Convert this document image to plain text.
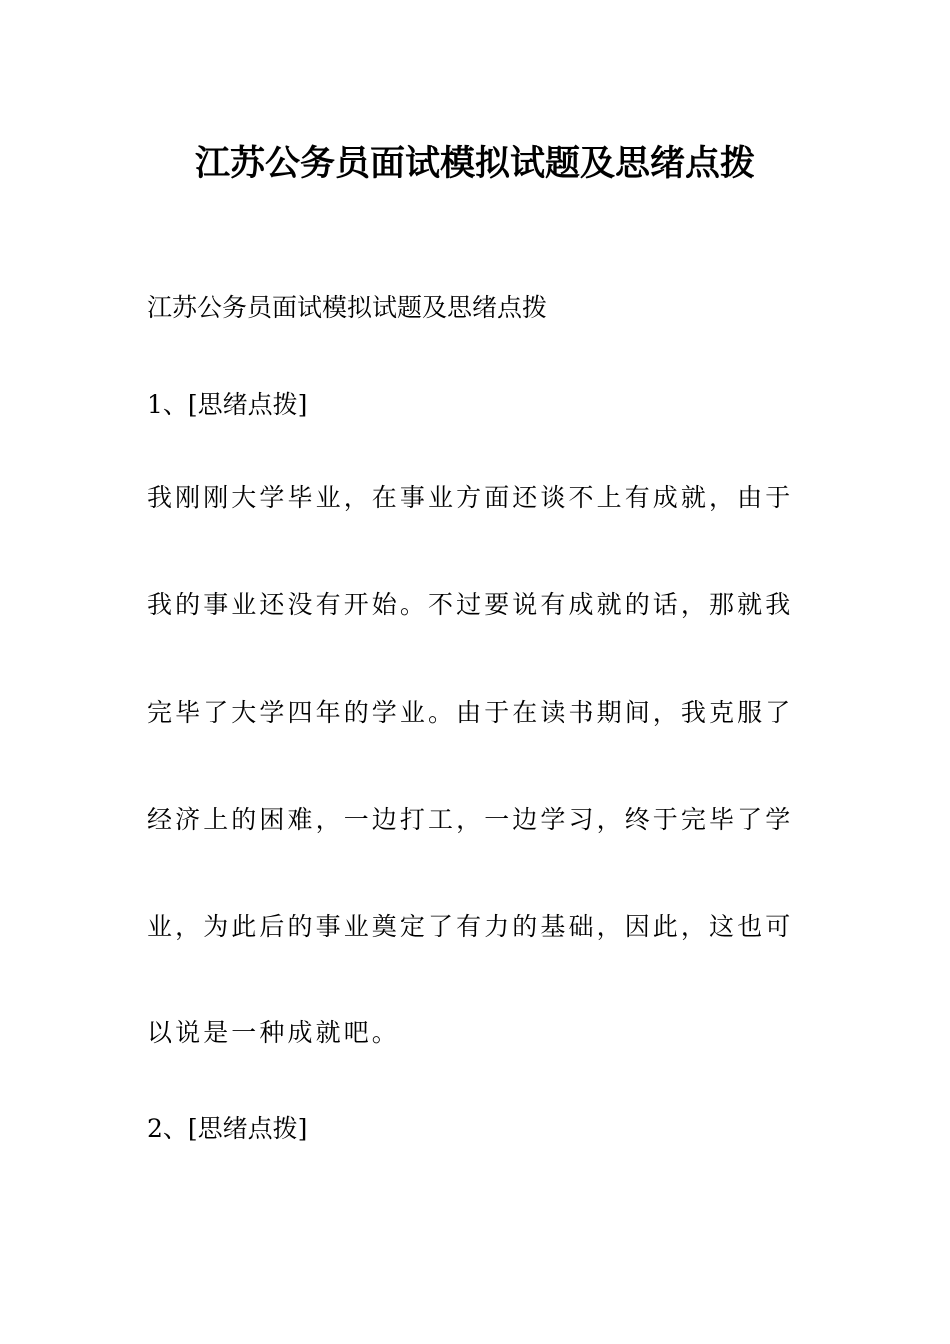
江苏公务员面试模拟试题及思绪点拨

江苏公务员面试模拟试题及思绪点拨

1、[思绪点拨]

我刚刚大学毕业，在事业方面还谈不上有成就，由于

我的事业还没有开始。不过要说有成就的话，那就我

完毕了大学四年的学业。由于在读书期间，我克服了

经济上的困难，一边打工，一边学习，终于完毕了学

业，为此后的事业奠定了有力的基础，因此，这也可

以说是一种成就吧。

2、[思绪点拨]
